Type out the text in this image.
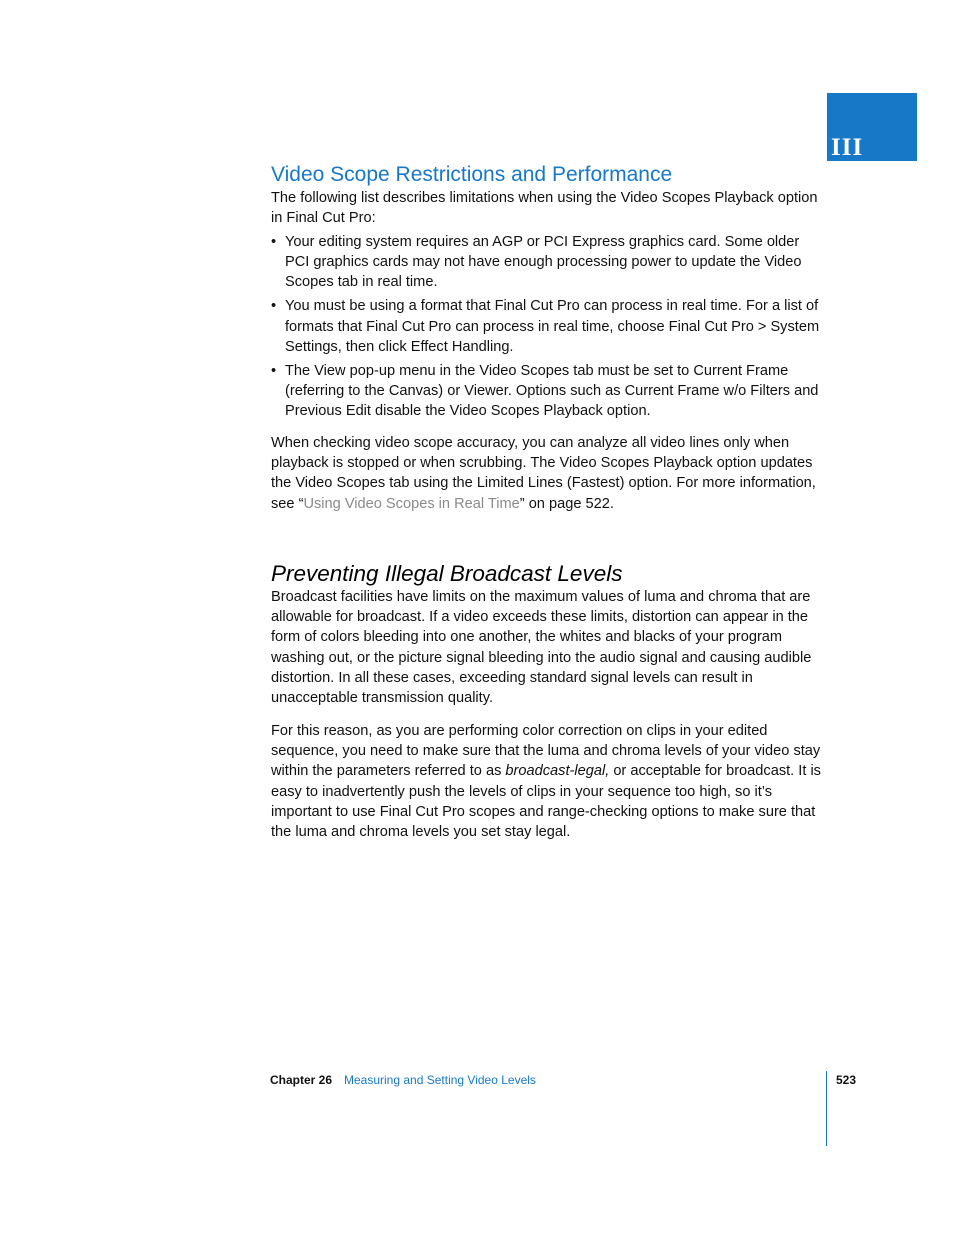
III
Video Scope Restrictions and Performance

The following list describes limitations when using the Video Scopes Playback option in Final Cut Pro:

• Your editing system requires an AGP or PCI Express graphics card. Some older PCI graphics cards may not have enough processing power to update the Video Scopes tab in real time.
• You must be using a format that Final Cut Pro can process in real time. For a list of formats that Final Cut Pro can process in real time, choose Final Cut Pro > System Settings, then click Effect Handling.
• The View pop-up menu in the Video Scopes tab must be set to Current Frame (referring to the Canvas) or Viewer. Options such as Current Frame w/o Filters and Previous Edit disable the Video Scopes Playback option.

When checking video scope accuracy, you can analyze all video lines only when playback is stopped or when scrubbing. The Video Scopes Playback option updates the Video Scopes tab using the Limited Lines (Fastest) option. For more information, see “Using Video Scopes in Real Time” on page 522.

Preventing Illegal Broadcast Levels

Broadcast facilities have limits on the maximum values of luma and chroma that are allowable for broadcast. If a video exceeds these limits, distortion can appear in the form of colors bleeding into one another, the whites and blacks of your program washing out, or the picture signal bleeding into the audio signal and causing audible distortion. In all these cases, exceeding standard signal levels can result in unacceptable transmission quality.

For this reason, as you are performing color correction on clips in your edited sequence, you need to make sure that the luma and chroma levels of your video stay within the parameters referred to as broadcast-legal, or acceptable for broadcast. It is easy to inadvertently push the levels of clips in your sequence too high, so it’s important to use Final Cut Pro scopes and range-checking options to make sure that the luma and chroma levels you set stay legal.

Chapter 26 Measuring and Setting Video Levels	523
